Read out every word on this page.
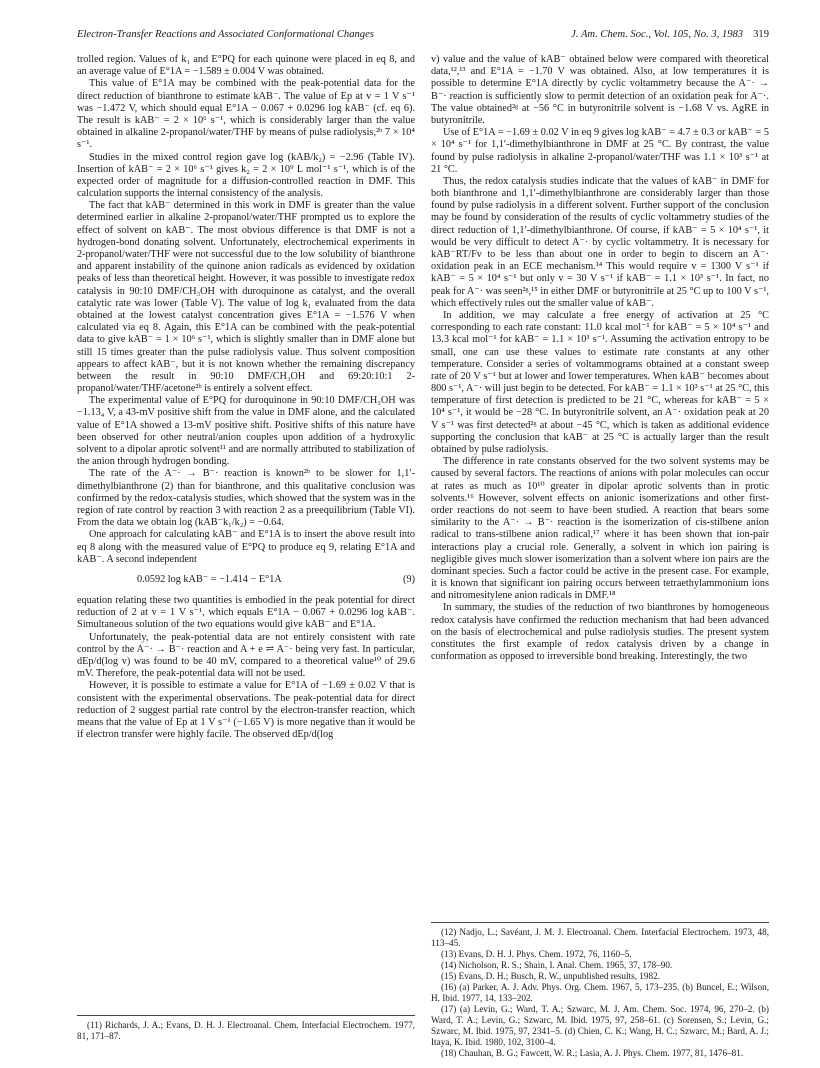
Electron-Transfer Reactions and Associated Conformational Changes	J. Am. Chem. Soc., Vol. 105, No. 3, 1983 319

trolled region. Values of k₁ and E°PQ for each quinone were placed in eq 8, and an average value of E°1A = −1.589 ± 0.004 V was obtained.

This value of E°1A may be combined with the peak-potential data for the direct reduction of bianthrone to estimate kAB⁻. The value of Ep at v = 1 V s⁻¹ was −1.472 V, which should equal E°1A − 0.067 + 0.0296 log kAB⁻ (cf. eq 6). The result is kAB⁻ = 2 × 10⁶ s⁻¹, which is considerably larger than the value obtained in alkaline 2-propanol/water/THF by means of pulse radiolysis,²ᵇ 7 × 10⁴ s⁻¹.

Studies in the mixed control region gave log (kAB/k₂) = −2.96 (Table IV). Insertion of kAB⁻ = 2 × 10⁶ s⁻¹ gives k₂ = 2 × 10⁹ L mol⁻¹ s⁻¹, which is of the expected order of magnitude for a diffusion-controlled reaction in DMF. This calculation supports the internal consistency of the analysis.

The fact that kAB⁻ determined in this work in DMF is greater than the value determined earlier in alkaline 2-propanol/water/THF prompted us to explore the effect of solvent on kAB⁻. The most obvious difference is that DMF is not a hydrogen-bond donating solvent. Unfortunately, electrochemical experiments in 2-propanol/water/THF were not successful due to the low solubility of bianthrone and apparent instability of the quinone anion radicals as evidenced by oxidation peaks of less than theoretical height. However, it was possible to investigate redox catalysis in 90:10 DMF/CH₃OH with duroquinone as catalyst, and the overall catalytic rate was lower (Table V). The value of log k₁ evaluated from the data obtained at the lowest catalyst concentration gives E°1A = −1.576 V when calculated via eq 8. Again, this E°1A can be combined with the peak-potential data to give kAB⁻ = 1 × 10⁶ s⁻¹, which is slightly smaller than in DMF alone but still 15 times greater than the pulse radiolysis value. Thus solvent composition appears to affect kAB⁻, but it is not known whether the remaining discrepancy between the result in 90:10 DMF/CH₃OH and 69:20:10:1 2-propanol/water/THF/acetone²ᵇ is entirely a solvent effect.

The experimental value of E°PQ for duroquinone in 90:10 DMF/CH₃OH was −1.13₄ V, a 43-mV positive shift from the value in DMF alone, and the calculated value of E°1A showed a 13-mV positive shift. Positive shifts of this nature have been observed for other neutral/anion couples upon addition of a hydroxylic solvent to a dipolar aprotic solvent¹¹ and are normally attributed to stabilization of the anion through hydrogen bonding.

The rate of the A⁻· → B⁻· reaction is known²ᵇ to be slower for 1,1′-dimethylbianthrone (2) than for bianthrone, and this qualitative conclusion was confirmed by the redox-catalysis studies, which showed that the system was in the region of rate control by reaction 3 with reaction 2 as a preequilibrium (Table VI). From the data we obtain log (kAB⁻k₁/k₂) = −0.64.

One approach for calculating kAB⁻ and E°1A is to insert the above result into eq 8 along with the measured value of E°PQ to produce eq 9, relating E°1A and kAB⁻. A second independent

0.0592 log kAB⁻ = −1.414 − E°1A	(9)

equation relating these two quantities is embodied in the peak potential for direct reduction of 2 at v = 1 V s⁻¹, which equals E°1A − 0.067 + 0.0296 log kAB⁻. Simultaneous solution of the two equations would give kAB⁻ and E°1A.

Unfortunately, the peak-potential data are not entirely consistent with rate control by the A⁻· → B⁻· reaction and A + e ⇌ A⁻· being very fast. In particular, dEp/d(log v) was found to be 40 mV, compared to a theoretical value¹⁰ of 29.6 mV. Therefore, the peak-potential data will not be used.

However, it is possible to estimate a value for E°1A of −1.69 ± 0.02 V that is consistent with the experimental observations. The peak-potential data for direct reduction of 2 suggest partial rate control by the electron-transfer reaction, which means that the value of Ep at 1 V s⁻¹ (−1.65 V) is more negative than it would be if electron transfer were highly facile. The observed dEp/d(log

(11) Richards, J. A.; Evans, D. H. J. Electroanal. Chem. Interfacial Electrochem. 1977, 81, 171–87.

v) value and the value of kAB⁻ obtained below were compared with theoretical data,¹²,¹³ and E°1A = −1.70 V was obtained. Also, at low temperatures it is possible to determine E°1A directly by cyclic voltammetry because the A⁻· → B⁻· reaction is sufficiently slow to permit detection of an oxidation peak for A⁻·. The value obtained²ᵍ at −56 °C in butyronitrile solvent is −1.68 V vs. AgRE in butyronitrile.

Use of E°1A = −1.69 ± 0.02 V in eq 9 gives log kAB⁻ = 4.7 ± 0.3 or kAB⁻ = 5 × 10⁴ s⁻¹ for 1,1′-dimethylbianthrone in DMF at 25 °C. By contrast, the value found by pulse radiolysis in alkaline 2-propanol/water/THF was 1.1 × 10³ s⁻¹ at 21 °C.

Thus, the redox catalysis studies indicate that the values of kAB⁻ in DMF for both bianthrone and 1,1′-dimethylbianthrone are considerably larger than those found by pulse radiolysis in a different solvent. Further support of the conclusion may be found by consideration of the results of cyclic voltammetry studies of the direct reduction of 1,1′-dimethylbianthrone. Of course, if kAB⁻ = 5 × 10⁴ s⁻¹, it would be very difficult to detect A⁻· by cyclic voltammetry. It is necessary for kAB⁻RT/Fv to be less than about one in order to begin to discern an A⁻· oxidation peak in an ECE mechanism.¹⁴ This would require v = 1300 V s⁻¹ if kAB⁻ = 5 × 10⁴ s⁻¹ but only v = 30 V s⁻¹ if kAB⁻ = 1.1 × 10³ s⁻¹. In fact, no peak for A⁻· was seen²ᵍ,¹⁵ in either DMF or butyronitrile at 25 °C up to 100 V s⁻¹, which effectively rules out the smaller value of kAB⁻.

In addition, we may calculate a free energy of activation at 25 °C corresponding to each rate constant: 11.0 kcal mol⁻¹ for kAB⁻ = 5 × 10⁴ s⁻¹ and 13.3 kcal mol⁻¹ for kAB⁻ = 1.1 × 10³ s⁻¹. Assuming the activation entropy to be small, one can use these values to estimate rate constants at any other temperature. Consider a series of voltammograms obtained at a constant sweep rate of 20 V s⁻¹ but at lower and lower temperatures. When kAB⁻ becomes about 800 s⁻¹, A⁻· will just begin to be detected. For kAB⁻ = 1.1 × 10³ s⁻¹ at 25 °C, this temperature of first detection is predicted to be 21 °C, whereas for kAB⁻ = 5 × 10⁴ s⁻¹, it would be −28 °C. In butyronitrile solvent, an A⁻· oxidation peak at 20 V s⁻¹ was first detected²ᵍ at about −45 °C, which is taken as additional evidence supporting the conclusion that kAB⁻ at 25 °C is actually larger than the result obtained by pulse radiolysis.

The difference in rate constants observed for the two solvent systems may be caused by several factors. The reactions of anions with polar molecules can occur at rates as much as 10¹⁰ greater in dipolar aprotic solvents than in protic solvents.¹⁶ However, solvent effects on anionic isomerizations and other first-order reactions do not seem to have been studied. A reaction that bears some similarity to the A⁻· → B⁻· reaction is the isomerization of cis-stilbene anion radical to trans-stilbene anion radical,¹⁷ where it has been shown that ion-pair interactions play a crucial role. Generally, a solvent in which ion pairing is negligible gives much slower isomerization than a solvent where ion pairs are the dominant species. Such a factor could be active in the present case. For example, it is known that significant ion pairing occurs between tetraethylammonium ions and nitromesitylene anion radicals in DMF.¹⁸

In summary, the studies of the reduction of two bianthrones by homogeneous redox catalysis have confirmed the reduction mechanism that had been advanced on the basis of electrochemical and pulse radiolysis studies. The present system constitutes the first example of redox catalysis driven by a change in conformation as opposed to irreversible bond breaking. Interestingly, the two

(12) Nadjo, L.; Savéant, J. M. J. Electroanal. Chem. Interfacial Electrochem. 1973, 48, 113–45.

(13) Evans, D. H. J. Phys. Chem. 1972, 76, 1160–5.

(14) Nicholson, R. S.; Shain, I. Anal. Chem. 1965, 37, 178–90.

(15) Evans, D. H.; Busch, R. W., unpublished results, 1982.

(16) (a) Parker, A. J. Adv. Phys. Org. Chem. 1967, 5, 173–235. (b) Buncel, E.; Wilson, H. Ibid. 1977, 14, 133–202.

(17) (a) Levin, G.; Ward, T. A.; Szwarc, M. J. Am. Chem. Soc. 1974, 96, 270–2. (b) Ward, T. A.; Levin, G.; Szwarc, M. Ibid. 1975, 97, 258–61. (c) Sorensen, S.; Levin, G.; Szwarc, M. Ibid. 1975, 97, 2341–5. (d) Chien, C. K.; Wang, H. C.; Szwarc, M.; Bard, A. J.; Itaya, K. Ibid. 1980, 102, 3100–4.

(18) Chauhan, B. G.; Fawcett, W. R.; Lasia, A. J. Phys. Chem. 1977, 81, 1476–81.
